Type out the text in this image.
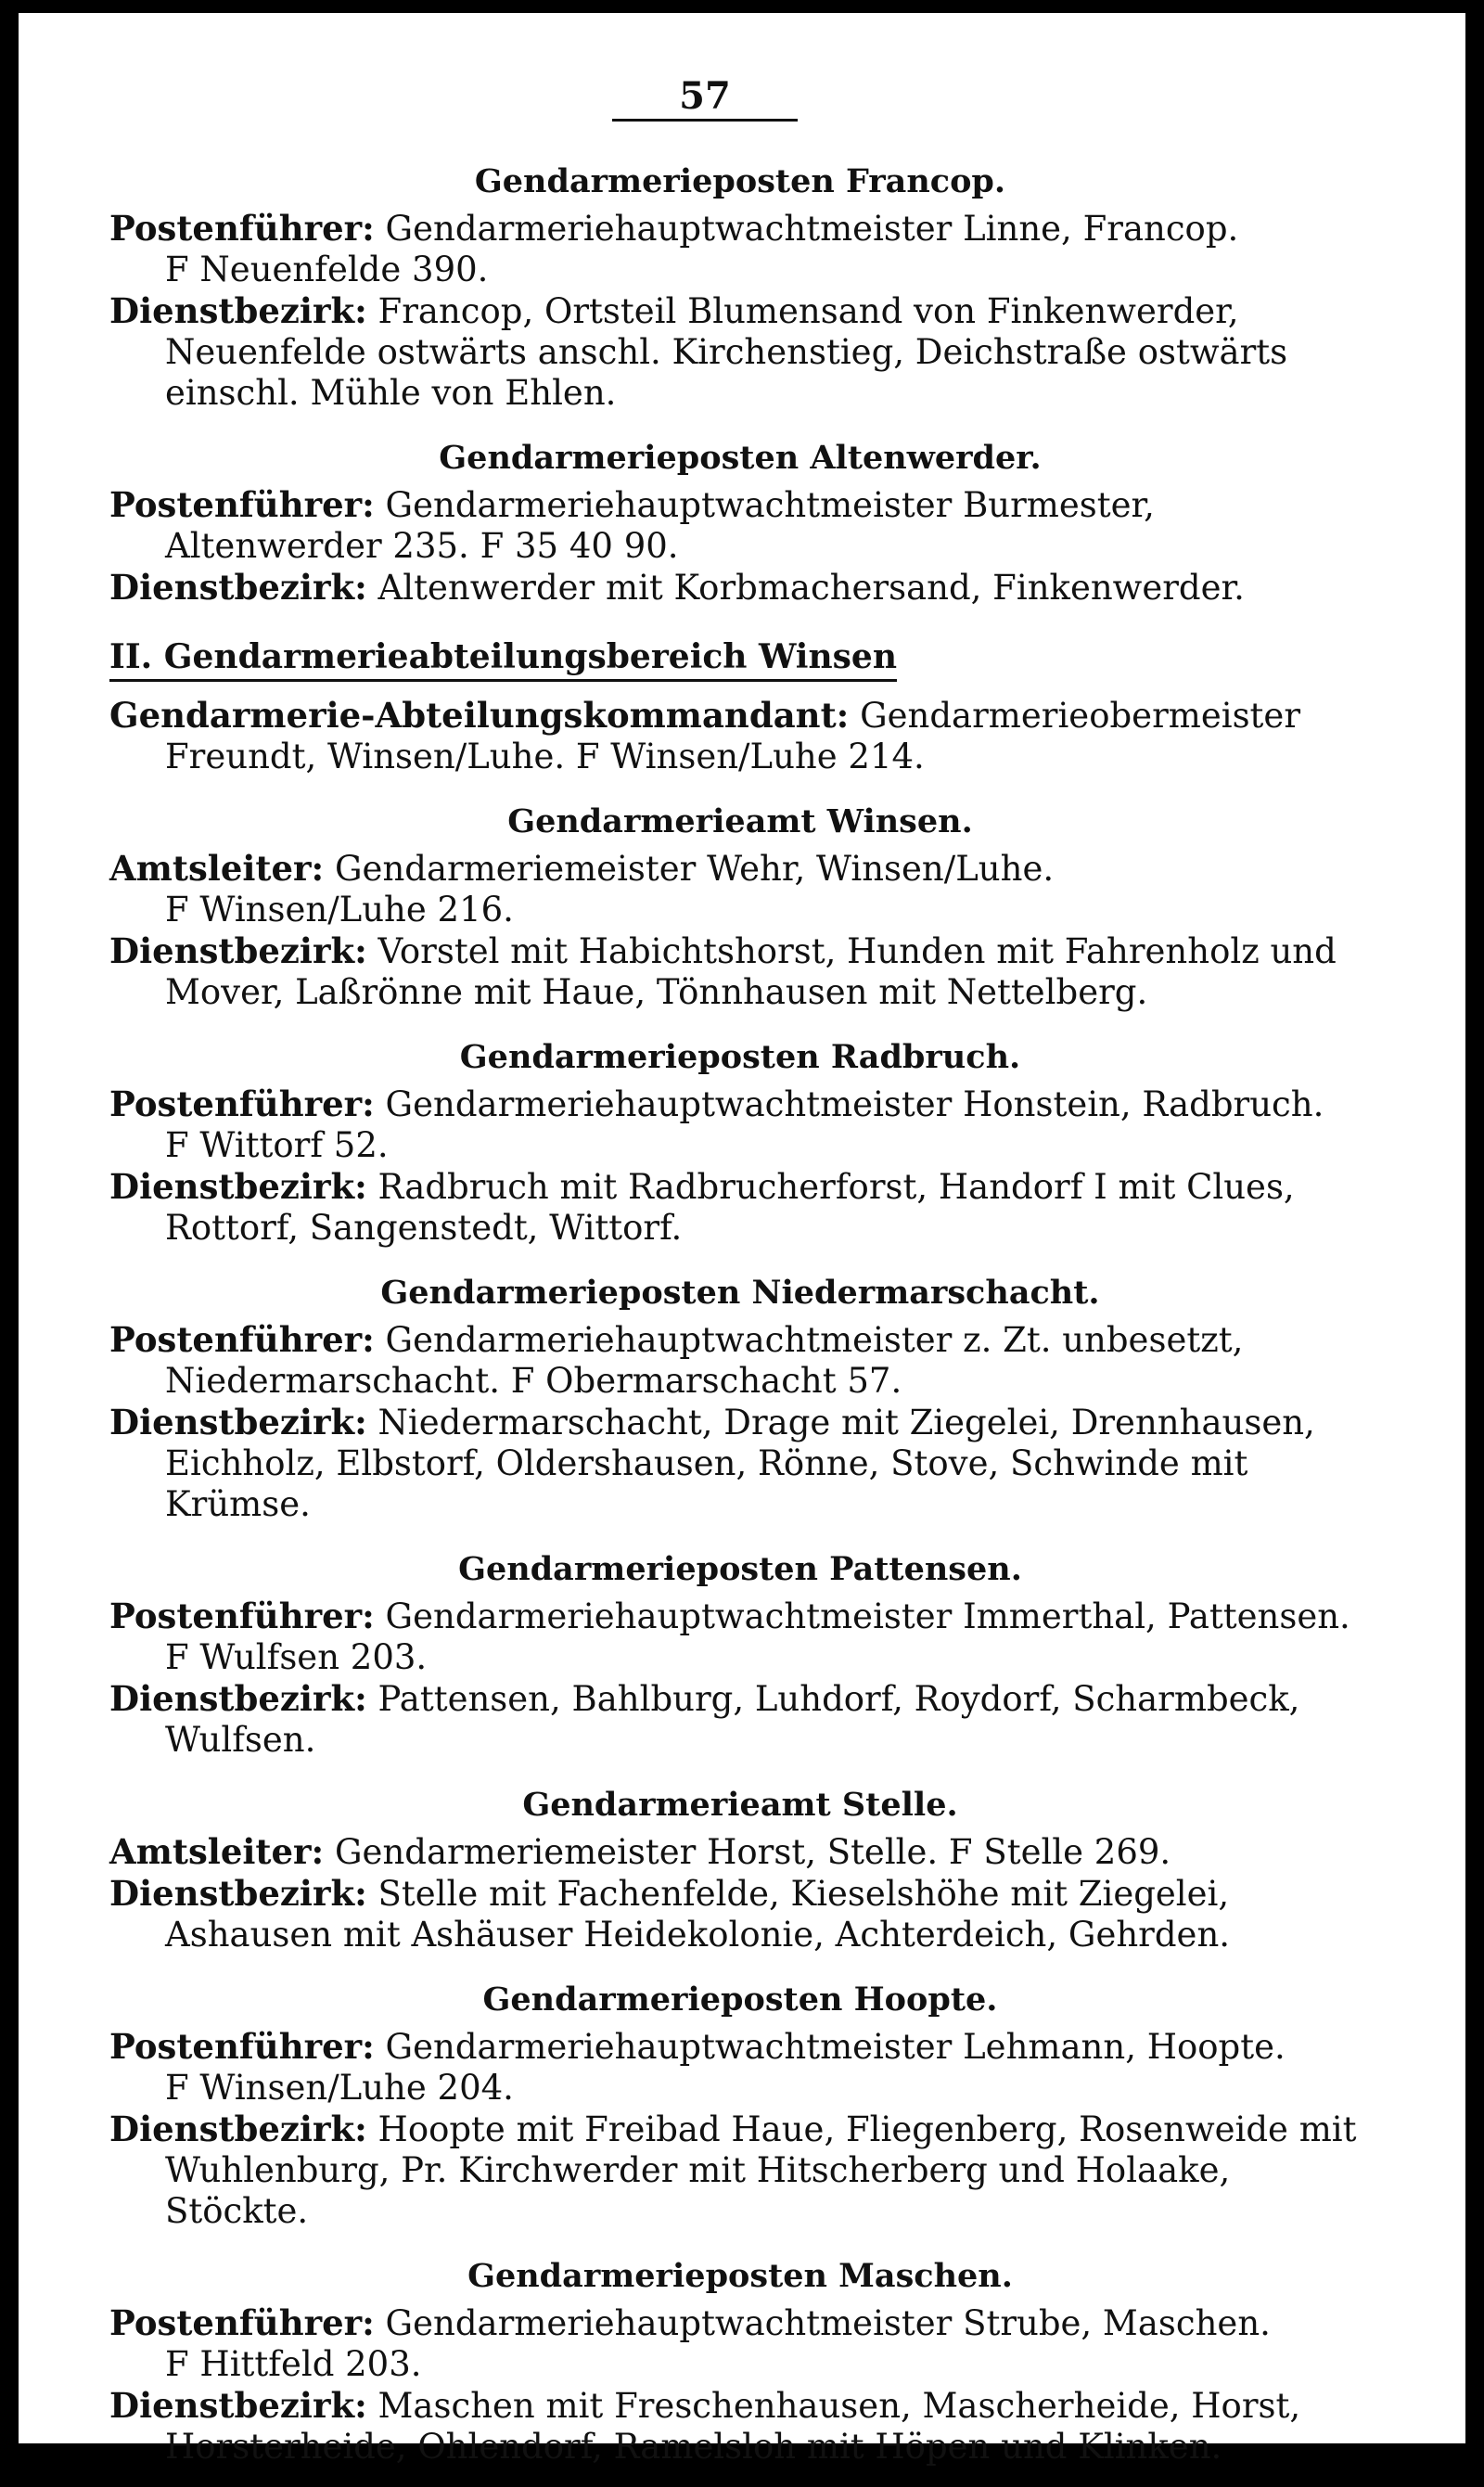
57
Gendarmerieposten Francop.

Postenführer: Gendarmeriehauptwachtmeister Linne, Francop.

F Neuenfelde 390.

Dienstbezirk: Francop, Ortsteil Blumensand von Finkenwerder, Neuenfelde ostwärts anschl. Kirchenstieg, Deichstraße ostwärts einschl. Mühle von Ehlen.

Gendarmerieposten Altenwerder.

Postenführer: Gendarmeriehauptwachtmeister Burmester, Altenwerder 235. F 35 40 90.

Dienstbezirk: Altenwerder mit Korbmachersand, Finkenwerder.

II. Gendarmerieabteilungsbereich Winsen

Gendarmerie-Abteilungskommandant: Gendarmerieobermeister Freundt, Winsen/Luhe. F Winsen/Luhe 214.

Gendarmerieamt Winsen.

Amtsleiter: Gendarmeriemeister Wehr, Winsen/Luhe.

F Winsen/Luhe 216.

Dienstbezirk: Vorstel mit Habichtshorst, Hunden mit Fahrenholz und Mover, Laßrönne mit Haue, Tönnhausen mit Nettelberg.

Gendarmerieposten Radbruch.

Postenführer: Gendarmeriehauptwachtmeister Honstein, Radbruch.

F Wittorf 52.

Dienstbezirk: Radbruch mit Radbrucherforst, Handorf I mit Clues, Rottorf, Sangenstedt, Wittorf.

Gendarmerieposten Niedermarschacht.

Postenführer: Gendarmeriehauptwachtmeister z. Zt. unbesetzt, Niedermarschacht. F Obermarschacht 57.

Dienstbezirk: Niedermarschacht, Drage mit Ziegelei, Drennhausen, Eichholz, Elbstorf, Oldershausen, Rönne, Stove, Schwinde mit Krümse.

Gendarmerieposten Pattensen.

Postenführer: Gendarmeriehauptwachtmeister Immerthal, Pattensen.

F Wulfsen 203.

Dienstbezirk: Pattensen, Bahlburg, Luhdorf, Roydorf, Scharmbeck, Wulfsen.

Gendarmerieamt Stelle.

Amtsleiter: Gendarmeriemeister Horst, Stelle. F Stelle 269.

Dienstbezirk: Stelle mit Fachenfelde, Kieselshöhe mit Ziegelei, Ashausen mit Ashäuser Heidekolonie, Achterdeich, Gehrden.

Gendarmerieposten Hoopte.

Postenführer: Gendarmeriehauptwachtmeister Lehmann, Hoopte.

F Winsen/Luhe 204.

Dienstbezirk: Hoopte mit Freibad Haue, Fliegenberg, Rosenweide mit Wuhlenburg, Pr. Kirchwerder mit Hitscherberg und Holaake, Stöckte.

Gendarmerieposten Maschen.

Postenführer: Gendarmeriehauptwachtmeister Strube, Maschen.

F Hittfeld 203.

Dienstbezirk: Maschen mit Freschenhausen, Mascherheide, Horst, Horsterheide, Ohlendorf, Ramelsloh mit Höpen und Klinken.
